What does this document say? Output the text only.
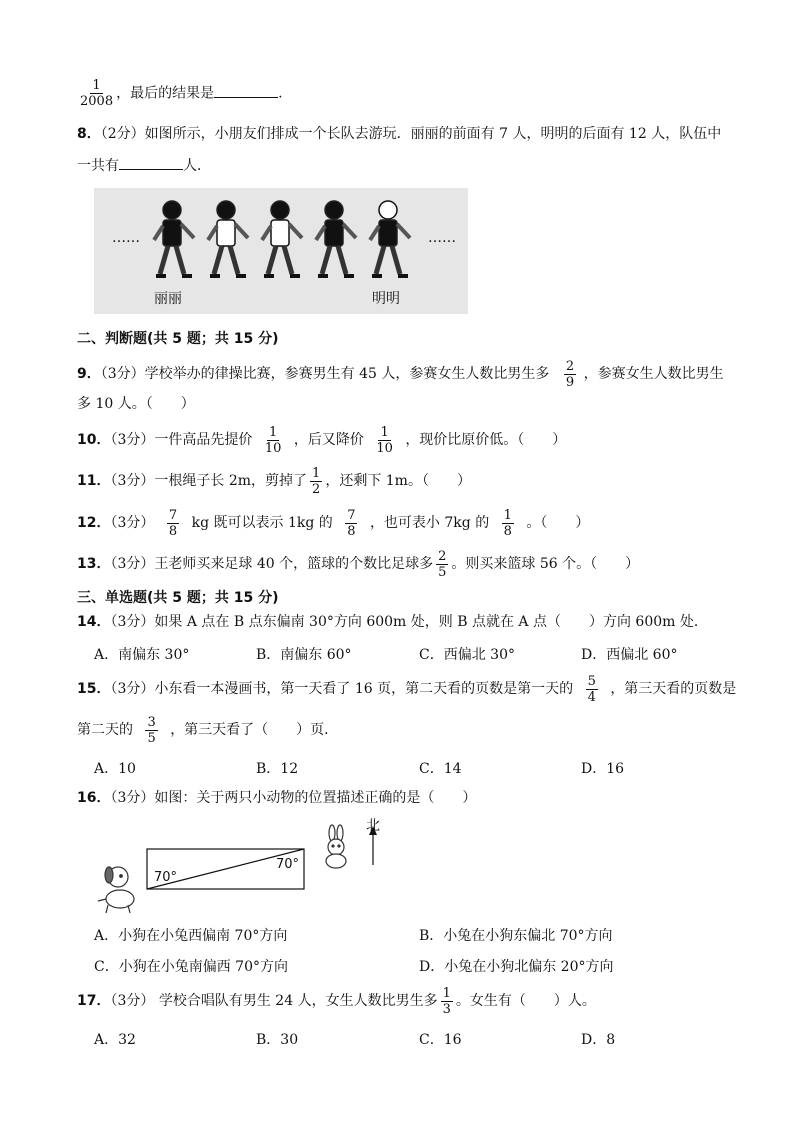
$\frac{1}{2008}$ ，最后的结果是	.
8．（2分）如图所示，小朋友们排成一个长队去游玩．丽丽的前面有 7 人，明明的后面有 12 人，队伍中
一共有	人．
……	……
丽丽	明明
二、判断题(共 5 题；共 15 分)
9．（3分）学校举办的律操比赛，参赛男生有 45 人，参赛女生人数比男生多 $\frac{2}{9}$ ，参赛女生人数比男生
多 10 人。（　　）
10．（3分）一件高品先提价 $\frac{1}{10}$ ，后又降价 $\frac{1}{10}$ ，现价比原价低。（　　）
11．（3分）一根绳子长 2m，剪掉了 $\frac{1}{2}$ ，还剩下 1m。（　　）
12．（3分） $\frac{7}{8}$ kg 既可以表示 1kg 的 $\frac{7}{8}$ ，也可表小 7kg 的 $\frac{1}{8}$ 。（　　）
13．（3分）王老师买来足球 40 个，篮球的个数比足球多 $\frac{2}{5}$ 。则买来篮球 56 个。（　　）
三、单选题(共 5 题；共 15 分)
14．（3分）如果 A 点在 B 点东偏南 30°方向 600m 处，则 B 点就在 A 点（　　）方向 600m 处．
A．南偏东 30°	B．南偏东 60°	C．西偏北 30°	D．西偏北 60°
15．（3分）小东看一本漫画书，第一天看了 16 页，第二天看的页数是第一天的 $\frac{5}{4}$ ，第三天看的页数是
第二天的 $\frac{3}{5}$ ，第三天看了（　　）页．
A．10	B．12	C．14	D．16
16．（3分）如图：关于两只小动物的位置描述正确的是（　　）
北
70°
70°
A．小狗在小兔西偏南 70°方向	B．小兔在小狗东偏北 70°方向
C．小狗在小兔南偏西 70°方向	D．小兔在小狗北偏东 20°方向
17．（3分） 学校合唱队有男生 24 人，女生人数比男生多 $\frac{1}{3}$ 。女生有（　　）人。
A．32	B．30	C．16	D．8
